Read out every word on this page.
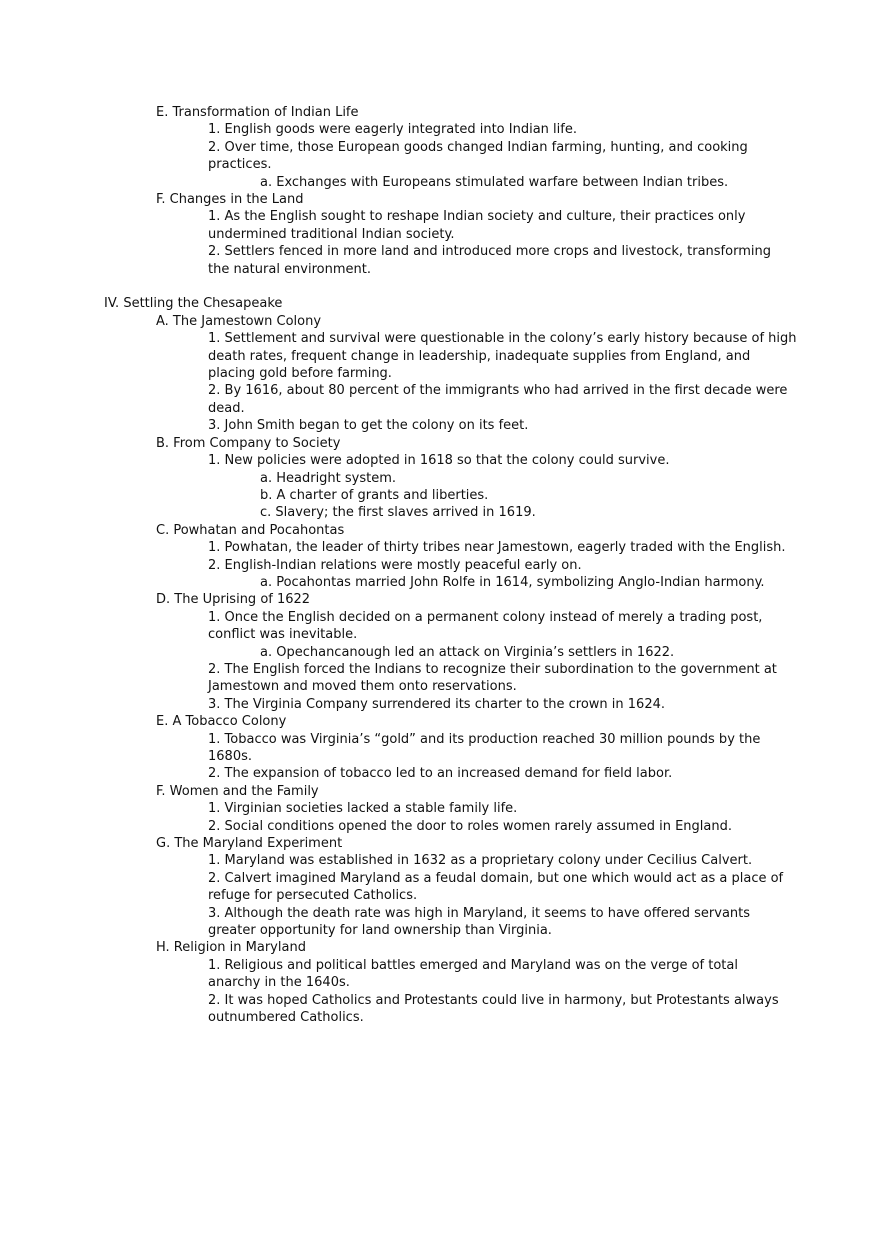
E. Transformation of Indian Life
1. English goods were eagerly integrated into Indian life.
2. Over time, those European goods changed Indian farming, hunting, and cooking
practices.
a. Exchanges with Europeans stimulated warfare between Indian tribes.
F. Changes in the Land
1. As the English sought to reshape Indian society and culture, their practices only
undermined traditional Indian society.
2. Settlers fenced in more land and introduced more crops and livestock, transforming
the natural environment.
IV. Settling the Chesapeake
A. The Jamestown Colony
1. Settlement and survival were questionable in the colony’s early history because of high
death rates, frequent change in leadership, inadequate supplies from England, and
placing gold before farming.
2. By 1616, about 80 percent of the immigrants who had arrived in the first decade were
dead.
3. John Smith began to get the colony on its feet.
B. From Company to Society
1. New policies were adopted in 1618 so that the colony could survive.
a. Headright system.
b. A charter of grants and liberties.
c. Slavery; the first slaves arrived in 1619.
C. Powhatan and Pocahontas
1. Powhatan, the leader of thirty tribes near Jamestown, eagerly traded with the English.
2. English-Indian relations were mostly peaceful early on.
a. Pocahontas married John Rolfe in 1614, symbolizing Anglo-Indian harmony.
D. The Uprising of 1622
1. Once the English decided on a permanent colony instead of merely a trading post,
conflict was inevitable.
a. Opechancanough led an attack on Virginia’s settlers in 1622.
2. The English forced the Indians to recognize their subordination to the government at
Jamestown and moved them onto reservations.
3. The Virginia Company surrendered its charter to the crown in 1624.
E. A Tobacco Colony
1. Tobacco was Virginia’s “gold” and its production reached 30 million pounds by the
1680s.
2. The expansion of tobacco led to an increased demand for field labor.
F. Women and the Family
1. Virginian societies lacked a stable family life.
2. Social conditions opened the door to roles women rarely assumed in England.
G. The Maryland Experiment
1. Maryland was established in 1632 as a proprietary colony under Cecilius Calvert.
2. Calvert imagined Maryland as a feudal domain, but one which would act as a place of
refuge for persecuted Catholics.
3. Although the death rate was high in Maryland, it seems to have offered servants
greater opportunity for land ownership than Virginia.
H. Religion in Maryland
1. Religious and political battles emerged and Maryland was on the verge of total
anarchy in the 1640s.
2. It was hoped Catholics and Protestants could live in harmony, but Protestants always
outnumbered Catholics.
